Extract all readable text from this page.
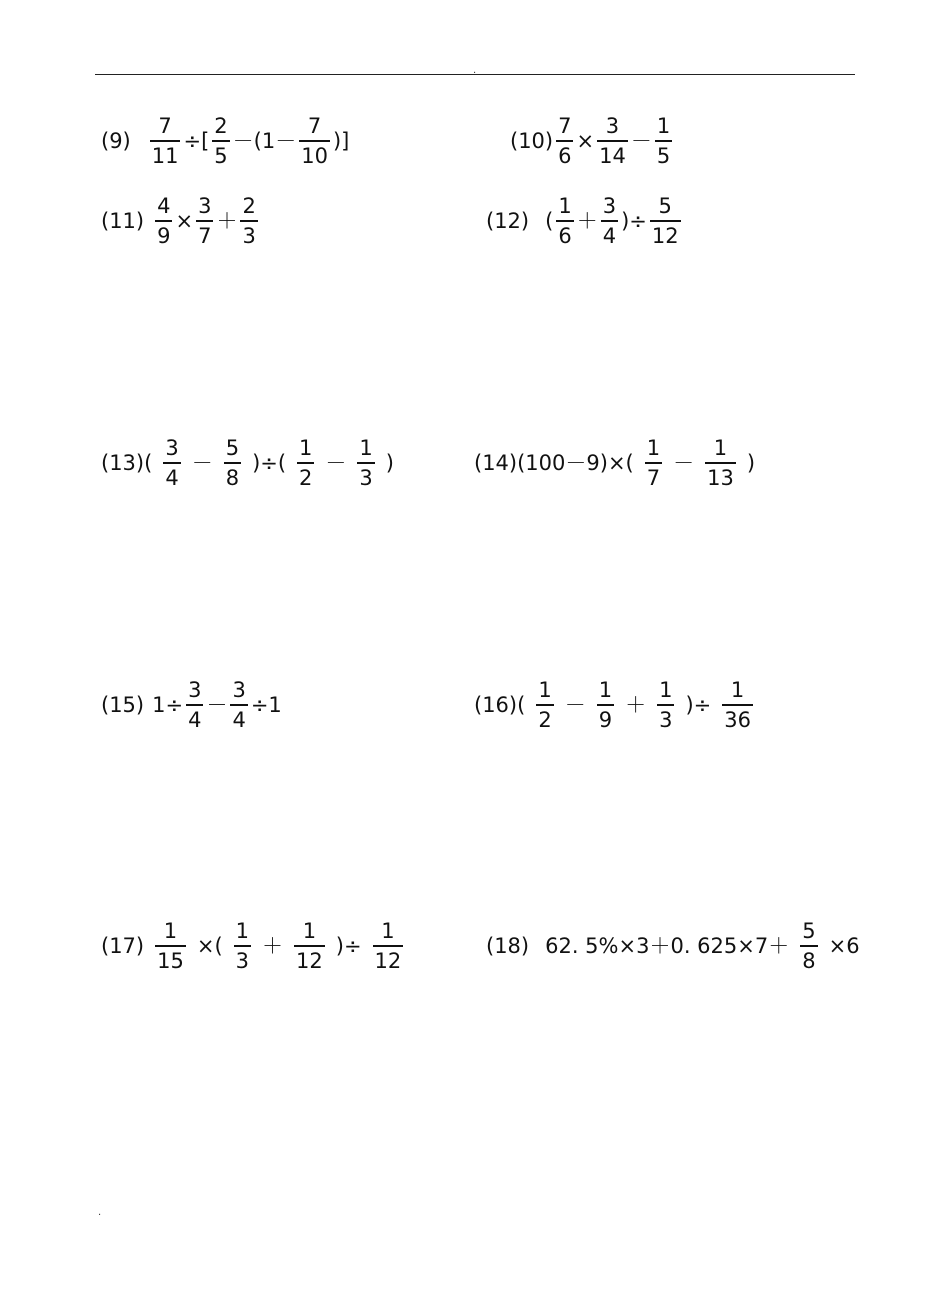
.
$(9) \frac{7}{11}$ ÷[ $\frac{2}{5} -(1- \frac{7}{10}$ )]	$(10) \frac{7}{6} \times \frac{3}{14} - \frac{1}{5}$
$(11) \frac{4}{9} \times \frac{3}{7} + \frac{2}{3}$	(12) ( $\frac{1}{6} + \frac{3}{4}$ )÷ $\frac{5}{12}$
(13) ( $\frac{3}{4} - \frac{5}{8}$ )÷( $\frac{1}{2} - \frac{1}{3}$ )	(14) $(100-9)\times( \frac{1}{7} - \frac{1}{13}$ )
(15) $1\div \frac{3}{4} - \frac{3}{4} \div 1$	(16) ( $\frac{1}{2} - \frac{1}{9} + \frac{1}{3}$ )÷ $\frac{1}{36}$
$(17) \frac{1}{15}$ ×( $\frac{1}{3} + \frac{1}{12}$ )÷ $\frac{1}{12}$	(18) 62. 5%×3＋0. $625\times 7+ \frac{5}{8} \times 6$
.
